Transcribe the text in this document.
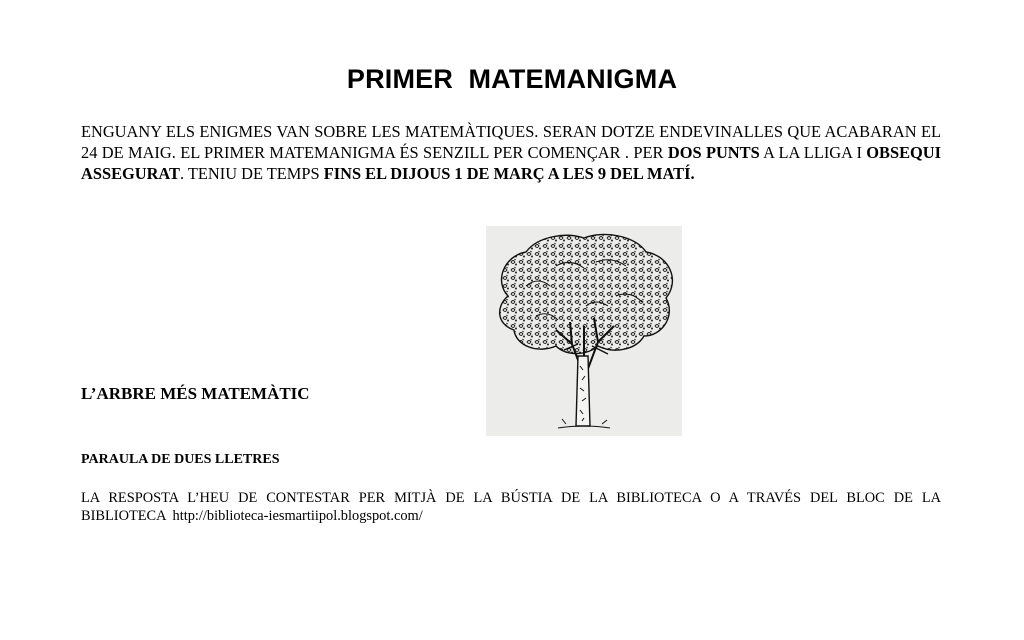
PRIMER  MATEMANIGMA
ENGUANY ELS ENIGMES VAN SOBRE LES MATEMÀTIQUES. SERAN DOTZE ENDEVINALLES QUE ACABARAN EL 24 DE MAIG. EL PRIMER MATEMANIGMA ÉS SENZILL PER COMENÇAR . PER DOS PUNTS A LA LLIGA I OBSEQUI ASSEGURAT. TENIU DE TEMPS FINS EL DIJOUS 1 DE MARÇ A LES 9 DEL MATÍ.
L’ARBRE MÉS MATEMÀTIC
PARAULA DE DUES LLETRES
LA RESPOSTA L’HEU DE CONTESTAR PER MITJÀ DE LA BÚSTIA DE LA BIBLIOTECA O A TRAVÉS DEL BLOC DE LA BIBLIOTECA http://biblioteca-iesmartiipol.blogspot.com/
